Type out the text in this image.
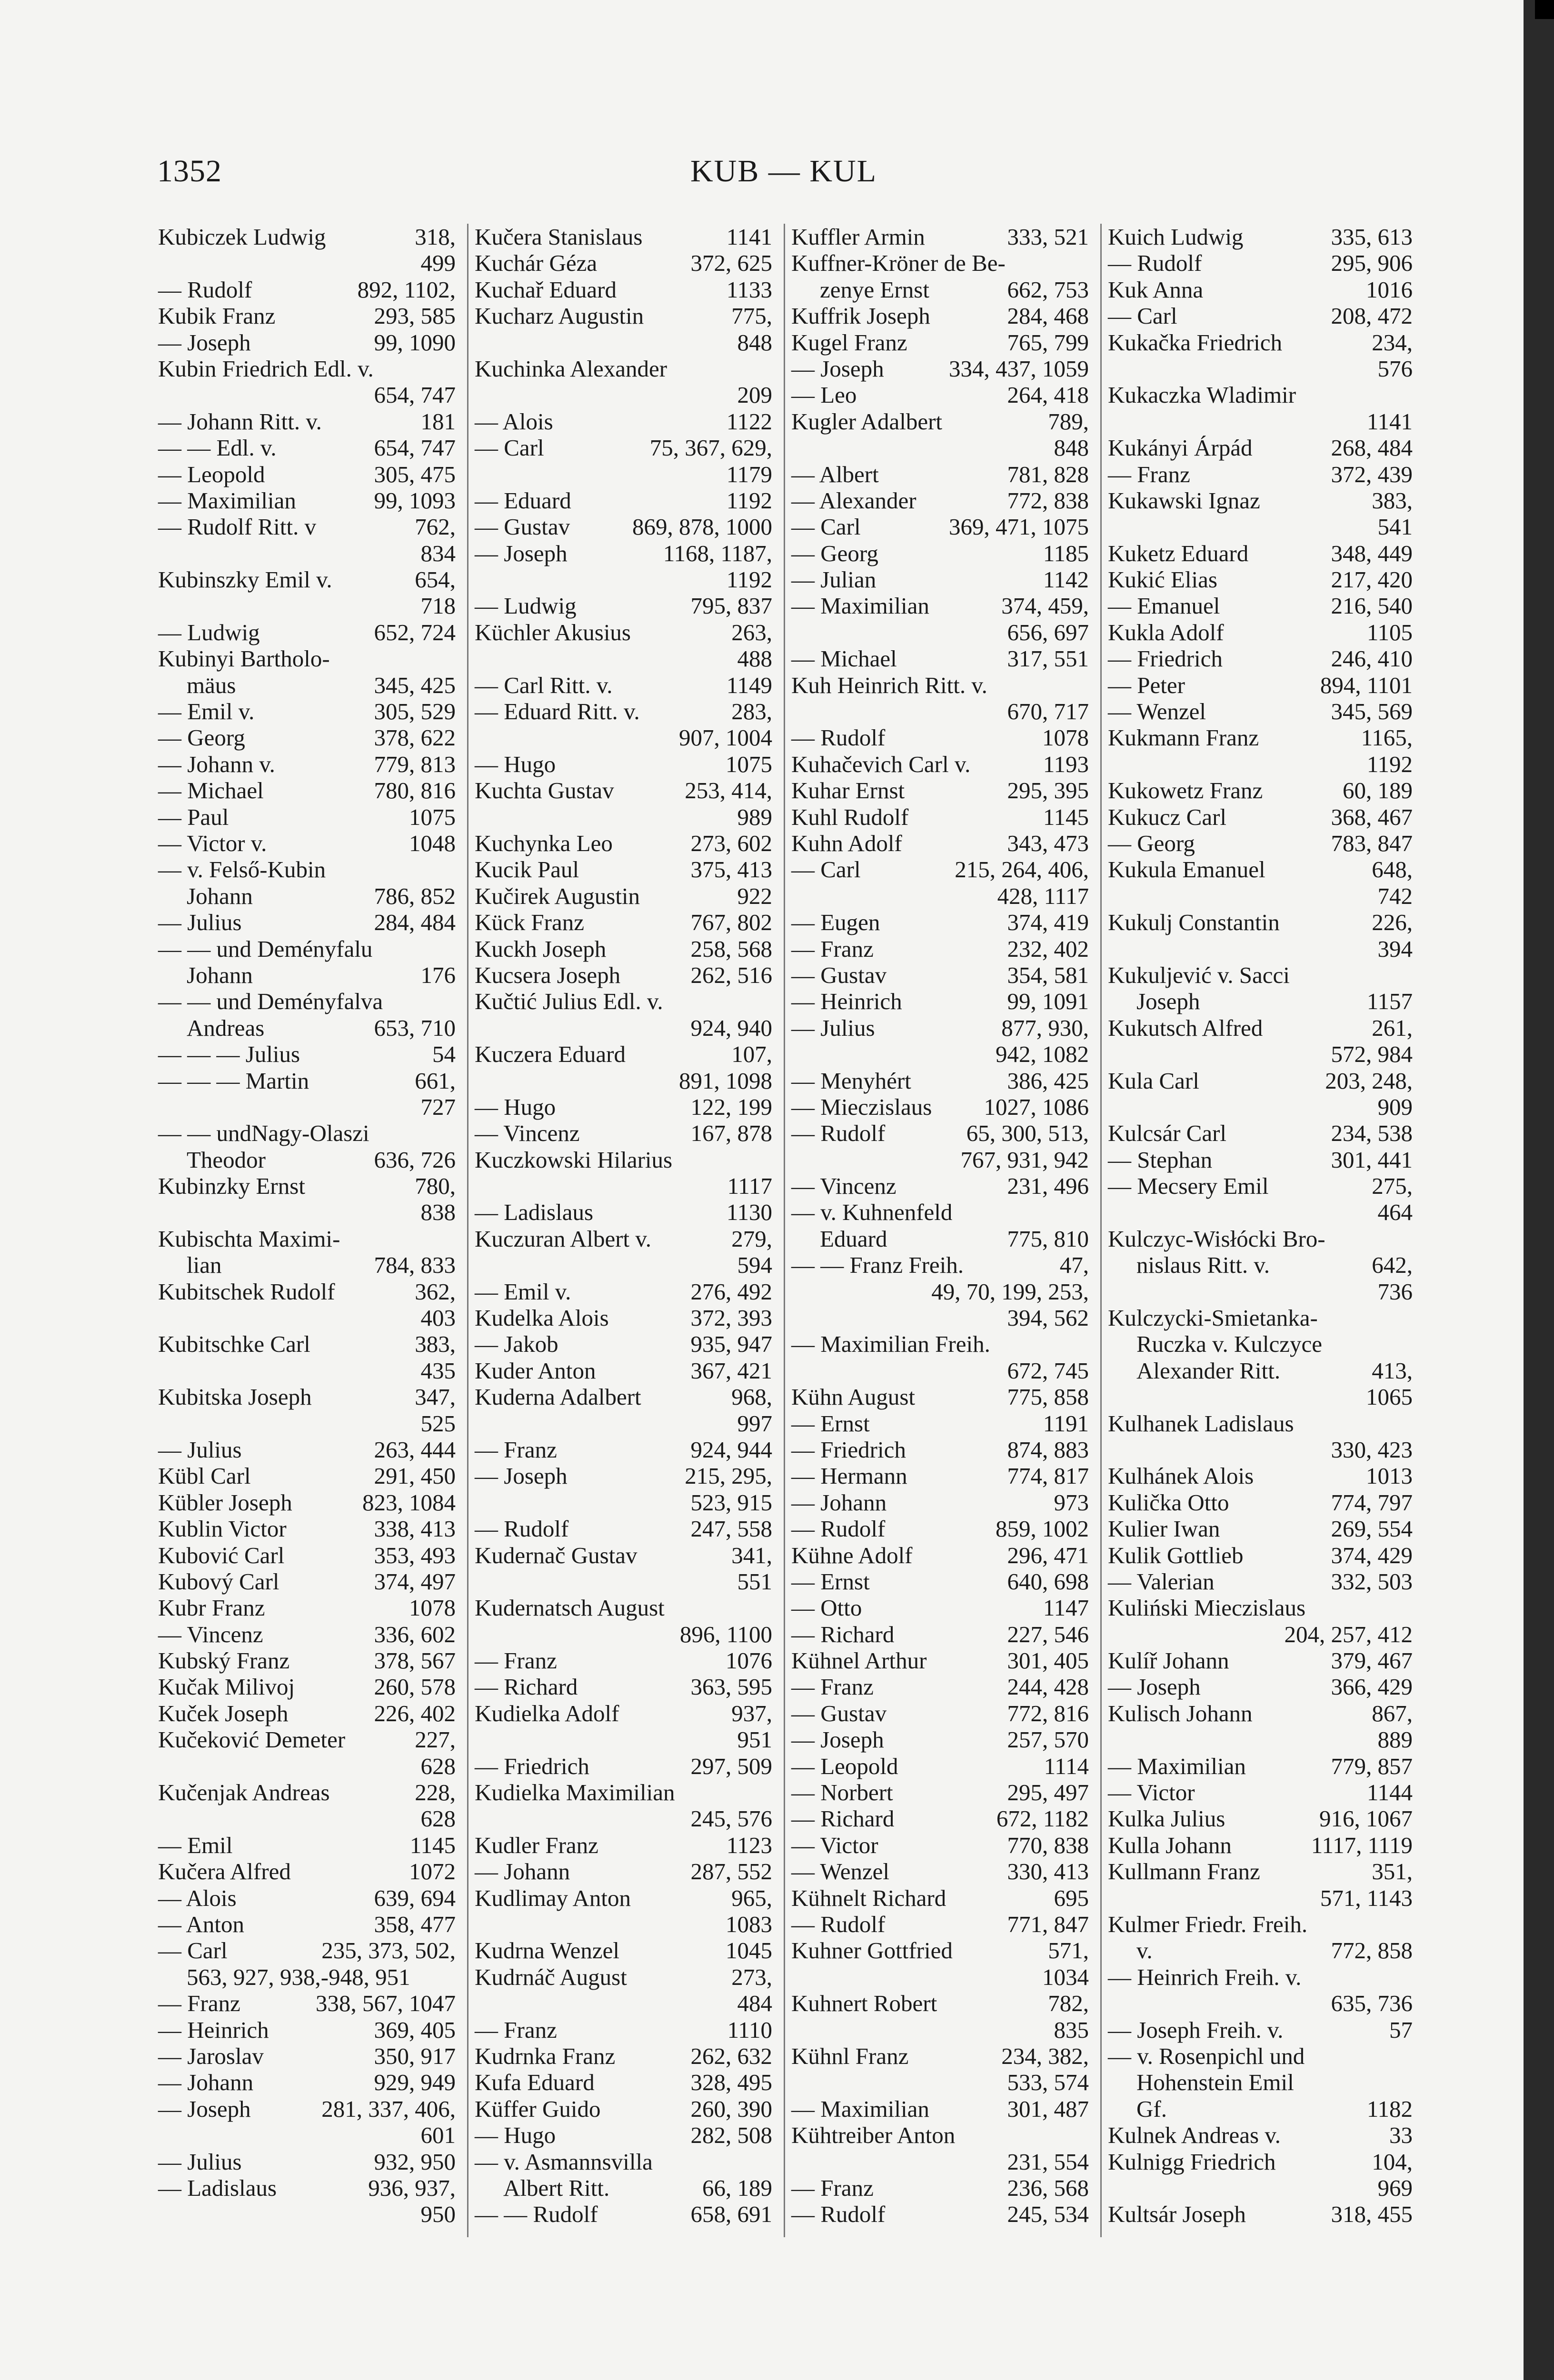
1352	KUB — KUL
Kubiczek Ludwig	318,
499
— Rudolf	892, 1102,
Kubik Franz	293, 585
— Joseph	99, 1090
Kubin Friedrich Edl. v.
654, 747
— Johann Ritt. v.	181
— — Edl. v.	654, 747
— Leopold	305, 475
— Maximilian	99, 1093
— Rudolf Ritt. v	762,
834
Kubinszky Emil v.	654,
718
— Ludwig	652, 724
Kubinyi Bartholo-
mäus	345, 425
— Emil v.	305, 529
— Georg	378, 622
— Johann v.	779, 813
— Michael	780, 816
— Paul	1075
— Victor v.	1048
— v. Felső-Kubin
Johann	786, 852
— Julius	284, 484
— — und Deményfalu
Johann	176
— — und Deményfalva
Andreas	653, 710
— — — Julius	54
— — — Martin	661,
727
— — undNagy-Olaszi
Theodor	636, 726
Kubinzky Ernst	780,
838
Kubischta Maximi-
lian	784, 833
Kubitschek Rudolf	362,
403
Kubitschke Carl	383,
435
Kubitska Joseph	347,
525
— Julius	263, 444
Kübl Carl	291, 450
Kübler Joseph	823, 1084
Kublin Victor	338, 413
Kubović Carl	353, 493
Kubový Carl	374, 497
Kubr Franz	1078
— Vincenz	336, 602
Kubský Franz	378, 567
Kučak Milivoj	260, 578
Kuček Joseph	226, 402
Kučeković Demeter	227,
628
Kučenjak Andreas	228,
628
— Emil	1145
Kučera Alfred	1072
— Alois	639, 694
— Anton	358, 477
— Carl	235, 373, 502,
563, 927, 938,-948, 951
— Franz	338, 567, 1047
— Heinrich	369, 405
— Jaroslav	350, 917
— Johann	929, 949
— Joseph	281, 337, 406,
601
— Julius	932, 950
— Ladislaus	936, 937,
950
Kučera Stanislaus	1141
Kuchár Géza	372, 625
Kuchař Eduard	1133
Kucharz Augustin	775,
848
Kuchinka Alexander
209
— Alois	1122
— Carl	75, 367, 629,
1179
— Eduard	1192
— Gustav	869, 878, 1000
— Joseph	1168, 1187,
1192
— Ludwig	795, 837
Küchler Akusius	263,
488
— Carl Ritt. v.	1149
— Eduard Ritt. v.	283,
907, 1004
— Hugo	1075
Kuchta Gustav	253, 414,
989
Kuchynka Leo	273, 602
Kucik Paul	375, 413
Kučirek Augustin	922
Kück Franz	767, 802
Kuckh Joseph	258, 568
Kucsera Joseph	262, 516
Kučtić Julius Edl. v.
924, 940
Kuczera Eduard	107,
891, 1098
— Hugo	122, 199
— Vincenz	167, 878
Kuczkowski Hilarius
1117
— Ladislaus	1130
Kuczuran Albert v.	279,
594
— Emil v.	276, 492
Kudelka Alois	372, 393
— Jakob	935, 947
Kuder Anton	367, 421
Kuderna Adalbert	968,
997
— Franz	924, 944
— Joseph	215, 295,
523, 915
— Rudolf	247, 558
Kudernač Gustav	341,
551
Kudernatsch August
896, 1100
— Franz	1076
— Richard	363, 595
Kudielka Adolf	937,
951
— Friedrich	297, 509
Kudielka Maximilian
245, 576
Kudler Franz	1123
— Johann	287, 552
Kudlimay Anton	965,
1083
Kudrna Wenzel	1045
Kudrnáč August	273,
484
— Franz	1110
Kudrnka Franz	262, 632
Kufa Eduard	328, 495
Küffer Guido	260, 390
— Hugo	282, 508
— v. Asmannsvilla
Albert Ritt.	66, 189
— — Rudolf	658, 691
Kuffler Armin	333, 521
Kuffner-Kröner de Be-
zenye Ernst	662, 753
Kuffrik Joseph	284, 468
Kugel Franz	765, 799
— Joseph	334, 437, 1059
— Leo	264, 418
Kugler Adalbert	789,
848
— Albert	781, 828
— Alexander	772, 838
— Carl	369, 471, 1075
— Georg	1185
— Julian	1142
— Maximilian	374, 459,
656, 697
— Michael	317, 551
Kuh Heinrich Ritt. v.
670, 717
— Rudolf	1078
Kuhačevich Carl v.	1193
Kuhar Ernst	295, 395
Kuhl Rudolf	1145
Kuhn Adolf	343, 473
— Carl	215, 264, 406,
428, 1117
— Eugen	374, 419
— Franz	232, 402
— Gustav	354, 581
— Heinrich	99, 1091
— Julius	877, 930,
942, 1082
— Menyhért	386, 425
— Mieczislaus	1027, 1086
— Rudolf	65, 300, 513,
767, 931, 942
— Vincenz	231, 496
— v. Kuhnenfeld
Eduard	775, 810
— — Franz Freih.	47,
49, 70, 199, 253,
394, 562
— Maximilian Freih.
672, 745
Kühn August	775, 858
— Ernst	1191
— Friedrich	874, 883
— Hermann	774, 817
— Johann	973
— Rudolf	859, 1002
Kühne Adolf	296, 471
— Ernst	640, 698
— Otto	1147
— Richard	227, 546
Kühnel Arthur	301, 405
— Franz	244, 428
— Gustav	772, 816
— Joseph	257, 570
— Leopold	1114
— Norbert	295, 497
— Richard	672, 1182
— Victor	770, 838
— Wenzel	330, 413
Kühnelt Richard	695
— Rudolf	771, 847
Kuhner Gottfried	571,
1034
Kuhnert Robert	782,
835
Kühnl Franz	234, 382,
533, 574
— Maximilian	301, 487
Kühtreiber Anton
231, 554
— Franz	236, 568
— Rudolf	245, 534
Kuich Ludwig	335, 613
— Rudolf	295, 906
Kuk Anna	1016
— Carl	208, 472
Kukačka Friedrich	234,
576
Kukaczka Wladimir
1141
Kukányi Árpád	268, 484
— Franz	372, 439
Kukawski Ignaz	383,
541
Kuketz Eduard	348, 449
Kukić Elias	217, 420
— Emanuel	216, 540
Kukla Adolf	1105
— Friedrich	246, 410
— Peter	894, 1101
— Wenzel	345, 569
Kukmann Franz	1165,
1192
Kukowetz Franz	60, 189
Kukucz Carl	368, 467
— Georg	783, 847
Kukula Emanuel	648,
742
Kukulj Constantin	226,
394
Kukuljević v. Sacci
Joseph	1157
Kukutsch Alfred	261,
572, 984
Kula Carl	203, 248,
909
Kulcsár Carl	234, 538
— Stephan	301, 441
— Mecsery Emil	275,
464
Kulczyc-Wisłócki Bro-
nislaus Ritt. v.	642,
736
Kulczycki-Smietanka-
Ruczka v. Kulczyce
Alexander Ritt.	413,
1065
Kulhanek Ladislaus
330, 423
Kulhánek Alois	1013
Kulička Otto	774, 797
Kulier Iwan	269, 554
Kulik Gottlieb	374, 429
— Valerian	332, 503
Kuliński Mieczislaus
204, 257, 412
Kulíř Johann	379, 467
— Joseph	366, 429
Kulisch Johann	867,
889
— Maximilian	779, 857
— Victor	1144
Kulka Julius	916, 1067
Kulla Johann	1117, 1119
Kullmann Franz	351,
571, 1143
Kulmer Friedr. Freih.
v.	772, 858
— Heinrich Freih. v.
635, 736
— Joseph Freih. v.	57
— v. Rosenpichl und
Hohenstein Emil
Gf.	1182
Kulnek Andreas v.	33
Kulnigg Friedrich	104,
969
Kultsár Joseph	318, 455
